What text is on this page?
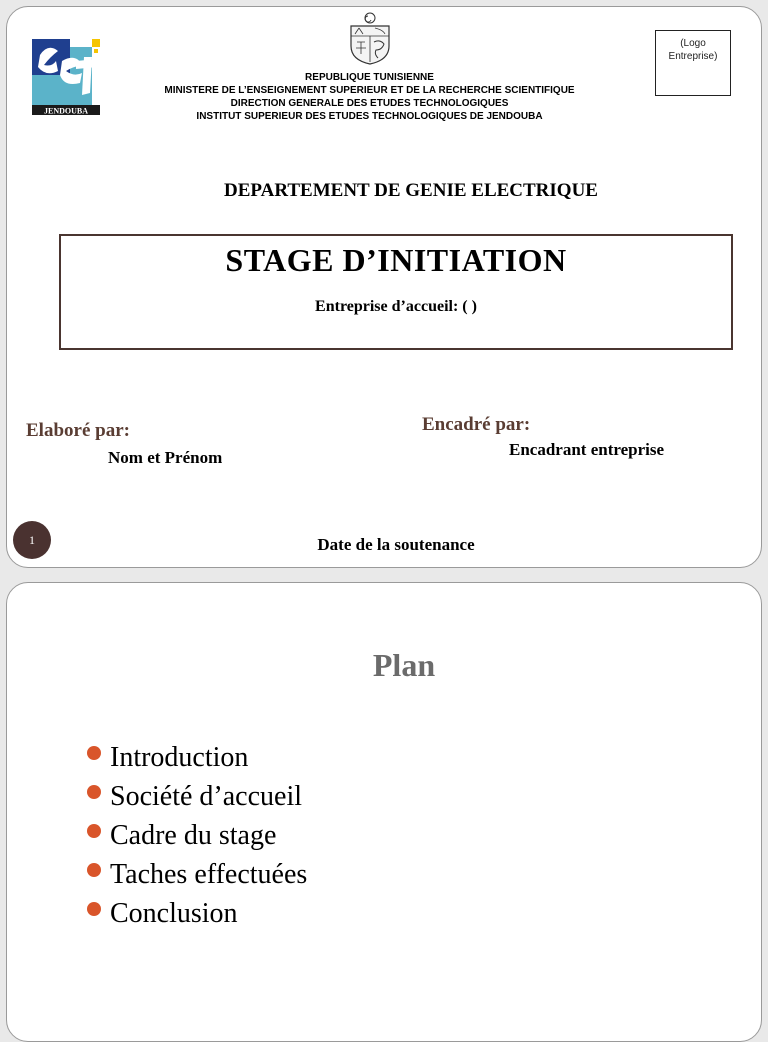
JENDOUBA
(Logo
Entreprise)
REPUBLIQUE TUNISIENNE
MINISTERE DE L’ENSEIGNEMENT SUPERIEUR ET DE LA RECHERCHE SCIENTIFIQUE
DIRECTION GENERALE DES ETUDES TECHNOLOGIQUES
INSTITUT SUPERIEUR DES ETUDES TECHNOLOGIQUES DE JENDOUBA
DEPARTEMENT DE GENIE ELECTRIQUE
STAGE D’INITIATION
Entreprise d’accueil: ( )
Elaboré par:
Nom et Prénom
Encadré par:
Encadrant entreprise
1	Date de la soutenance
Plan
Introduction
Société d’accueil
Cadre du stage
Taches effectuées
Conclusion
